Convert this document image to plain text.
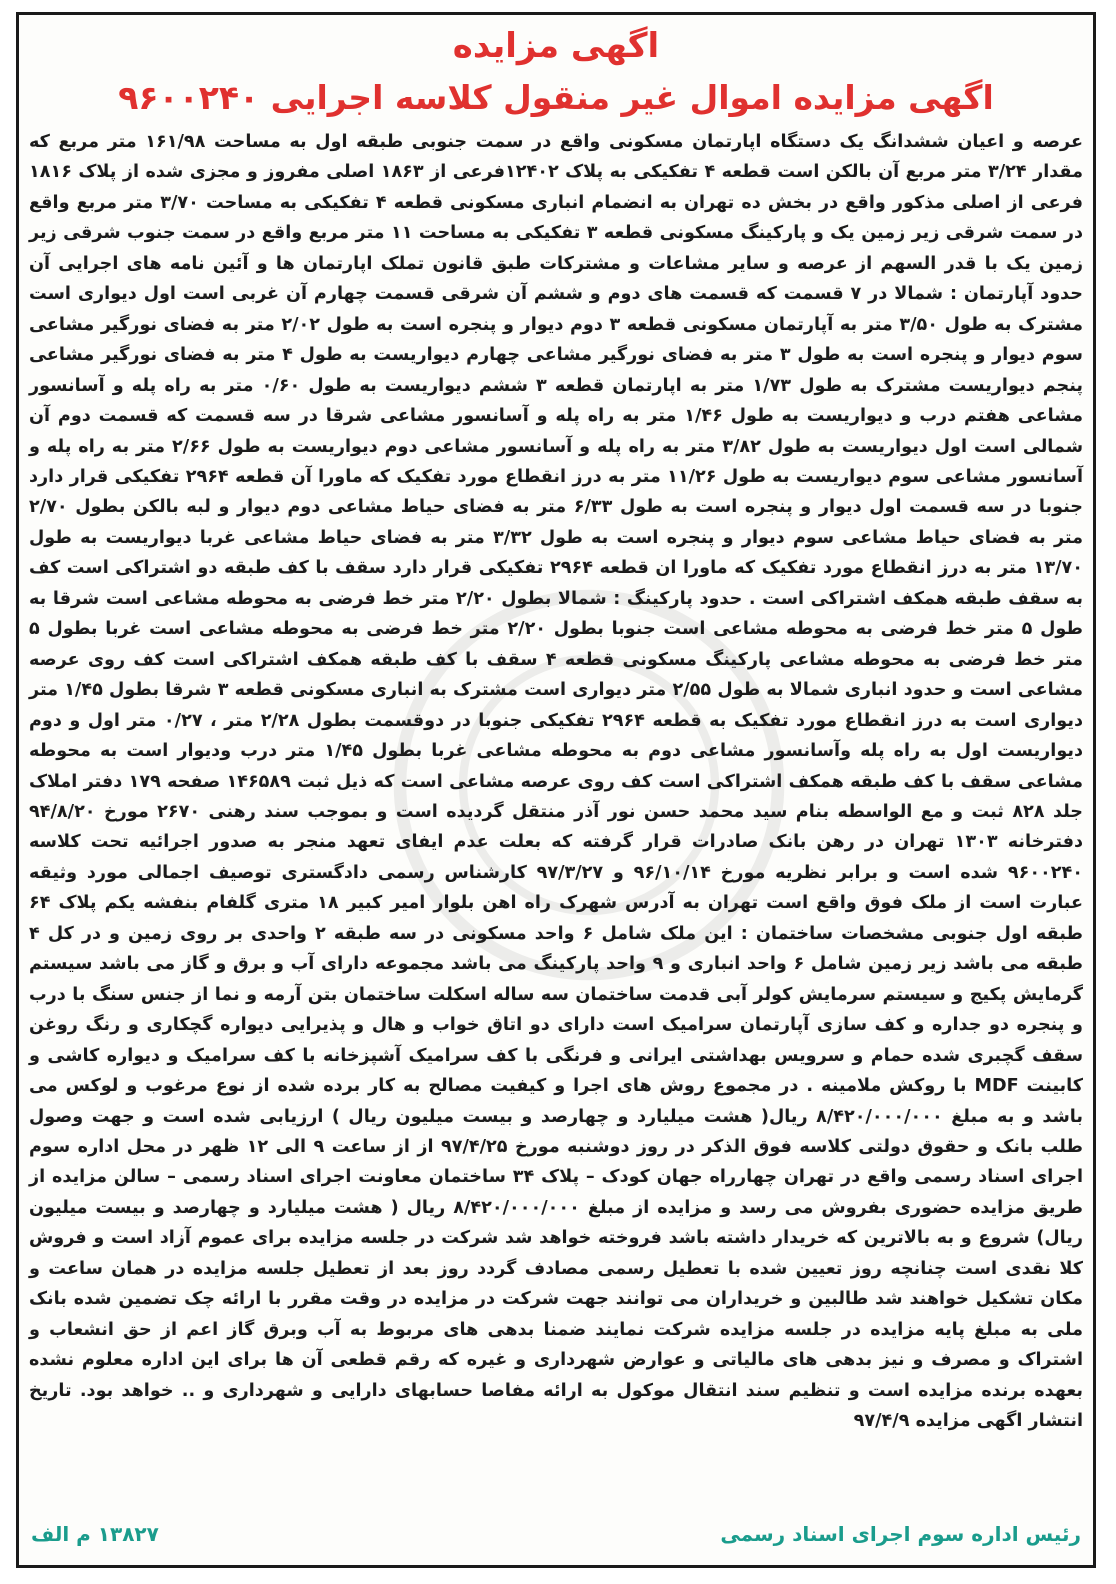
اگهی مزایده
اگهی مزایده اموال غیر منقول کلاسه اجرایی ۹۶۰۰۲۴۰

عرصه و اعیان ششدانگ یک دستگاه اپارتمان مسکونی واقع در سمت جنوبی طبقه اول به مساحت ۱۶۱/۹۸ متر مربع که مقدار ۳/۲۴ متر مربع آن بالکن است قطعه ۴ تفکیکی به پلاک ۱۲۴۰۲فرعی از ۱۸۶۳ اصلی مفروز و مجزی شده از پلاک ۱۸۱۶ فرعی از اصلی مذکور واقع در بخش ده تهران به انضمام انباری مسکونی قطعه ۴ تفکیکی به مساحت ۳/۷۰ متر مربع واقع در سمت شرقی زیر زمین یک و پارکینگ مسکونی قطعه ۳ تفکیکی به مساحت ۱۱ متر مربع واقع در سمت جنوب شرقی زیر زمین یک با قدر السهم از عرصه و سایر مشاعات و مشترکات طبق قانون تملک اپارتمان ها و آئین نامه های اجرایی آن حدود آپارتمان : شمالا در ۷ قسمت که قسمت های دوم و ششم آن شرقی قسمت چهارم آن غربی است اول دیواری است مشترک به طول ۳/۵۰ متر به آپارتمان مسکونی قطعه ۳ دوم دیوار و پنجره است به طول ۲/۰۲ متر به فضای نورگیر مشاعی سوم دیوار و پنجره است به طول ۳ متر به فضای نورگیر مشاعی چهارم دیواریست به طول ۴ متر به فضای نورگیر مشاعی پنجم دیواریست مشترک به طول ۱/۷۳ متر به اپارتمان قطعه ۳ ششم دیواریست به طول ۰/۶۰ متر به راه پله و آسانسور مشاعی هفتم درب و دیواریست به طول ۱/۴۶ متر به راه پله و آسانسور مشاعی شرقا در سه قسمت که قسمت دوم آن شمالی است اول دیواریست به طول ۳/۸۲ متر به راه پله و آسانسور مشاعی دوم دیواریست به طول ۲/۶۶ متر به راه پله و آسانسور مشاعی سوم دیواریست به طول ۱۱/۲۶ متر به درز انقطاع مورد تفکیک که ماورا آن قطعه ۲۹۶۴ تفکیکی قرار دارد جنوبا در سه قسمت اول دیوار و پنجره است به طول ۶/۳۳ متر به فضای حیاط مشاعی دوم دیوار و لبه بالکن بطول ۲/۷۰ متر به فضای حیاط مشاعی سوم دیوار و پنجره است به طول ۳/۳۲ متر به فضای حیاط مشاعی غربا دیواریست به طول ۱۳/۷۰ متر به درز انقطاع مورد تفکیک که ماورا ان قطعه ۲۹۶۴ تفکیکی قرار دارد سقف با کف طبقه دو اشتراکی است کف به سقف طبقه همکف اشتراکی است . حدود پارکینگ : شمالا بطول ۲/۲۰ متر خط فرضی به محوطه مشاعی است شرقا به طول ۵ متر خط فرضی به محوطه مشاعی است جنوبا بطول ۲/۲۰ متر خط فرضی به محوطه مشاعی است غربا بطول ۵ متر خط فرضی به محوطه مشاعی پارکینگ مسکونی قطعه ۴ سقف با کف طبقه همکف اشتراکی است کف روی عرصه مشاعی است و حدود انباری شمالا به طول ۲/۵۵ متر دیواری است مشترک به انباری مسکونی قطعه ۳ شرقا بطول ۱/۴۵ متر دیواری است به درز انقطاع مورد تفکیک به قطعه ۲۹۶۴ تفکیکی جنوبا در دوقسمت بطول ۲/۲۸ متر ، ۰/۲۷ متر اول و دوم دیواریست اول به راه پله وآسانسور مشاعی دوم به محوطه مشاعی غربا بطول ۱/۴۵ متر درب ودیوار است به محوطه مشاعی سقف با کف طبقه همکف اشتراکی است کف روی عرصه مشاعی است که ذیل ثبت ۱۴۶۵۸۹ صفحه ۱۷۹ دفتر املاک جلد ۸۲۸ ثبت و مع الواسطه بنام سید محمد حسن نور آذر منتقل گردیده است و بموجب سند رهنی ۲۶۷۰ مورخ ۹۴/۸/۲۰ دفترخانه ۱۳۰۳ تهران در رهن بانک صادرات قرار گرفته که بعلت عدم ایفای تعهد منجر به صدور اجرائیه تحت کلاسه ۹۶۰۰۲۴۰ شده است و برابر نظریه مورخ ۹۶/۱۰/۱۴ و ۹۷/۳/۲۷ کارشناس رسمی دادگستری توصیف اجمالی مورد وثیقه عبارت است از ملک فوق واقع است تهران به آدرس شهرک راه اهن بلوار امیر کبیر ۱۸ متری گلفام بنفشه یکم پلاک ۶۴ طبقه اول جنوبی مشخصات ساختمان : این ملک شامل ۶ واحد مسکونی در سه طبقه ۲ واحدی بر روی زمین و در کل ۴ طبقه می باشد زیر زمین شامل ۶ واحد انباری و ۹ واحد پارکینگ می باشد مجموعه دارای آب و برق و گاز می باشد سیستم گرمایش پکیج و سیستم سرمایش کولر آبی قدمت ساختمان سه ساله اسکلت ساختمان بتن آرمه و نما از جنس سنگ با درب و پنجره دو جداره و کف سازی آپارتمان سرامیک است دارای دو اتاق خواب و هال و پذیرایی دیواره گچکاری و رنگ روغن سقف گچبری شده حمام و سرویس بهداشتی ایرانی و فرنگی با کف سرامیک آشپزخانه با کف سرامیک و دیواره کاشی و کابینت MDF با روکش ملامینه . در مجموع روش های اجرا و کیفیت مصالح به کار برده شده از نوع مرغوب و لوکس می باشد و به مبلغ ۸/۴۲۰/۰۰۰/۰۰۰ ریال( هشت میلیارد و چهارصد و بیست میلیون ریال ) ارزیابی شده است و جهت وصول طلب بانک و حقوق دولتی کلاسه فوق الذکر در روز دوشنبه مورخ ۹۷/۴/۲۵ از از ساعت ۹ الی ۱۲ ظهر در محل اداره سوم اجرای اسناد رسمی واقع در تهران چهارراه جهان کودک – پلاک ۳۴ ساختمان معاونت اجرای اسناد رسمی – سالن مزایده از طریق مزایده حضوری بفروش می رسد و مزایده از مبلغ ۸/۴۲۰/۰۰۰/۰۰۰ ریال ( هشت میلیارد و چهارصد و بیست میلیون ریال) شروع و به بالاترین که خریدار داشته باشد فروخته خواهد شد شرکت در جلسه مزایده برای عموم آزاد است و فروش کلا نقدی است چنانچه روز تعیین شده با تعطیل رسمی مصادف گردد روز بعد از تعطیل جلسه مزایده در همان ساعت و مکان تشکیل خواهند شد طالبین و خریداران می توانند جهت شرکت در مزایده در وقت مقرر با ارائه چک تضمین شده بانک ملی به مبلغ پایه مزایده در جلسه مزایده شرکت نمایند ضمنا بدهی های مربوط به آب وبرق گاز اعم از حق انشعاب و اشتراک و مصرف و نیز بدهی های مالیاتی و عوارض شهرداری و غیره که رقم قطعی آن ها برای این اداره معلوم نشده بعهده برنده مزایده است و تنظیم سند انتقال موکول به ارائه مفاصا حسابهای دارایی و شهرداری و .. خواهد بود. تاریخ انتشار اگهی مزایده ۹۷/۴/۹

رئیس اداره سوم اجرای اسناد رسمی
۱۳۸۲۷ م الف
